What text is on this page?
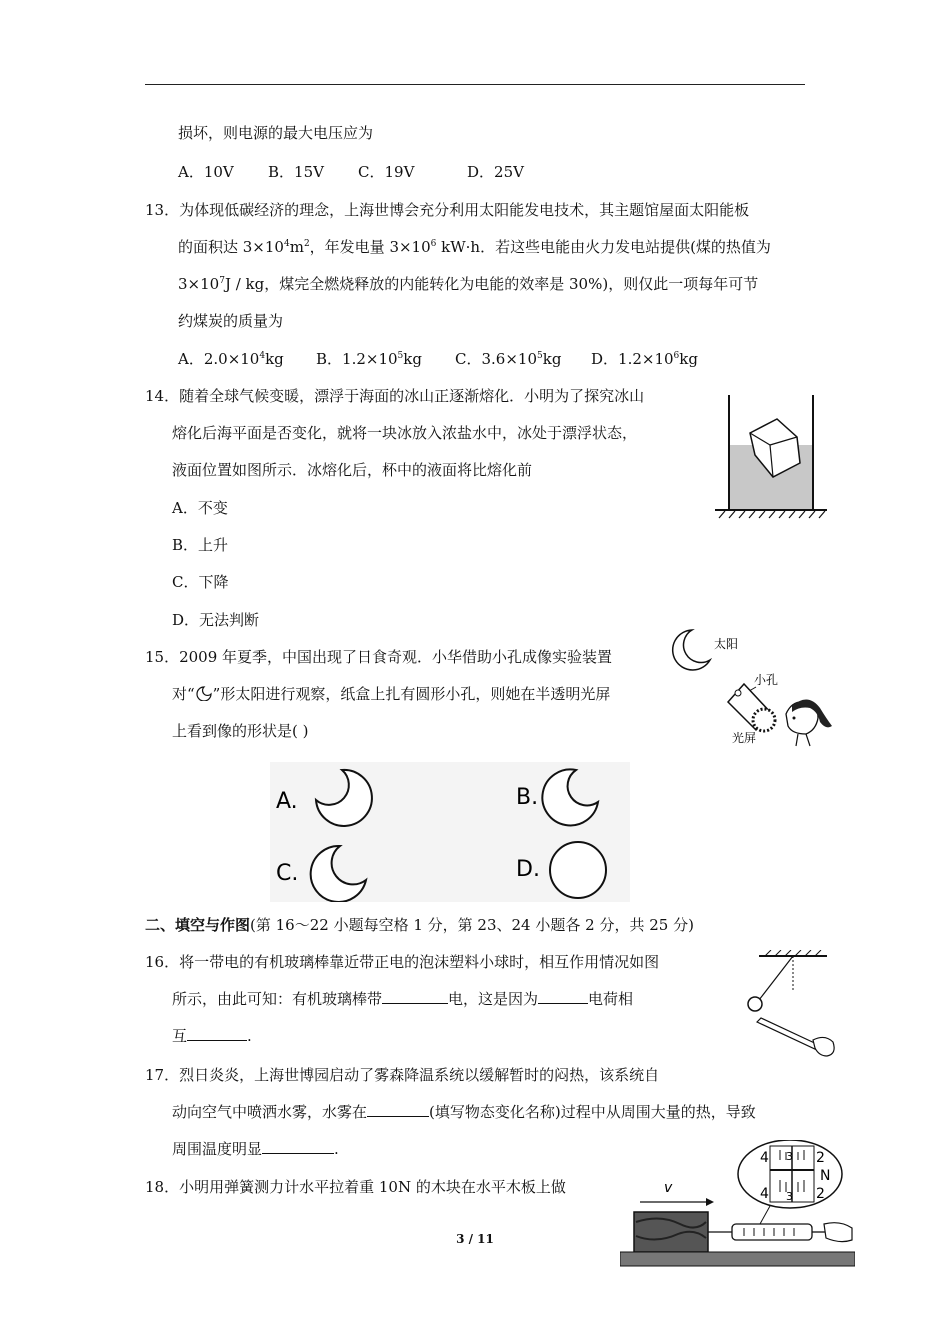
损坏，则电源的最大电压应为
A．10V B．15V C．19V	D．25V
13．为体现低碳经济的理念，上海世博会充分利用太阳能发电技术，其主题馆屋面太阳能板
的面积达 $3\times 10^4m^2$，年发电量 $3\times 10^6$ kW·h．若这些电能由火力发电站提供(煤的热值为
$3\times 10^7J$ / kg，煤完全燃烧释放的内能转化为电能的效率是 30%)，则仅此一项每年可节
约煤炭的质量为
A．$2.0\times 10^4kg$ B．$1.2\times 10^5kg$ C．$3.6\times 10^5kg$ D．$1.2\times 10^6kg$
14．随着全球气候变暖，漂浮于海面的冰山正逐渐熔化．小明为了探究冰山
熔化后海平面是否变化，就将一块冰放入浓盐水中，冰处于漂浮状态，
液面位置如图所示．冰熔化后，杯中的液面将比熔化前
A．不变
B．上升
C．下降
D．无法判断
15．2009 年夏季，中国出现了日食奇观．小华借助小孔成像实验装置
对“ ”形太阳进行观察，纸盒上扎有圆形小孔，则她在半透明光屏
上看到像的形状是( )
太阳
小孔
光屏
A.	B.
C.	D.
二、填空与作图(第 16～22 小题每空格 1 分，第 23、24 小题各 2 分，共 25 分)
16．将一带电的有机玻璃棒靠近带正电的泡沫塑料小球时，相互作用情况如图
所示，由此可知：有机玻璃棒带	电，这是因为	电荷相
互	.
17．烈日炎炎，上海世博园启动了雾森降温系统以缓解暂时的闷热，该系统自
动向空气中喷洒水雾，水雾在	(填写物态变化名称)过程中从周围大量的热，导致
周围温度明显	.
18．小明用弹簧测力计水平拉着重 10N 的木块在水平木板上做
4
4
3
3
2
2
N
v
3 / 11
